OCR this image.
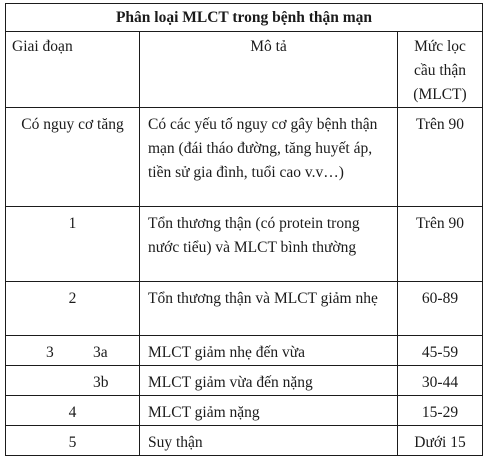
Phân loại MLCT trong bệnh thận mạn		
Giai đoạn	Mô tả	Mức lọc cầu thận (MLCT)
Có nguy cơ tăng	Có các yếu tố nguy cơ gây bệnh thận mạn (đái tháo đường, tăng huyết áp, tiền sử gia đình, tuổi cao v.v…)	Trên 90
1	Tổn thương thận (có protein trong nước tiểu) và MLCT bình thường	Trên 90
2	Tổn thương thận và MLCT giảm nhẹ	60-89

3 3a	MLCT giảm nhẹ đến vừa	45-59

3b	MLCT giảm vừa đến nặng	30-44
4	MLCT giảm nặng	15-29
5	Suy thận	Dưới 15
